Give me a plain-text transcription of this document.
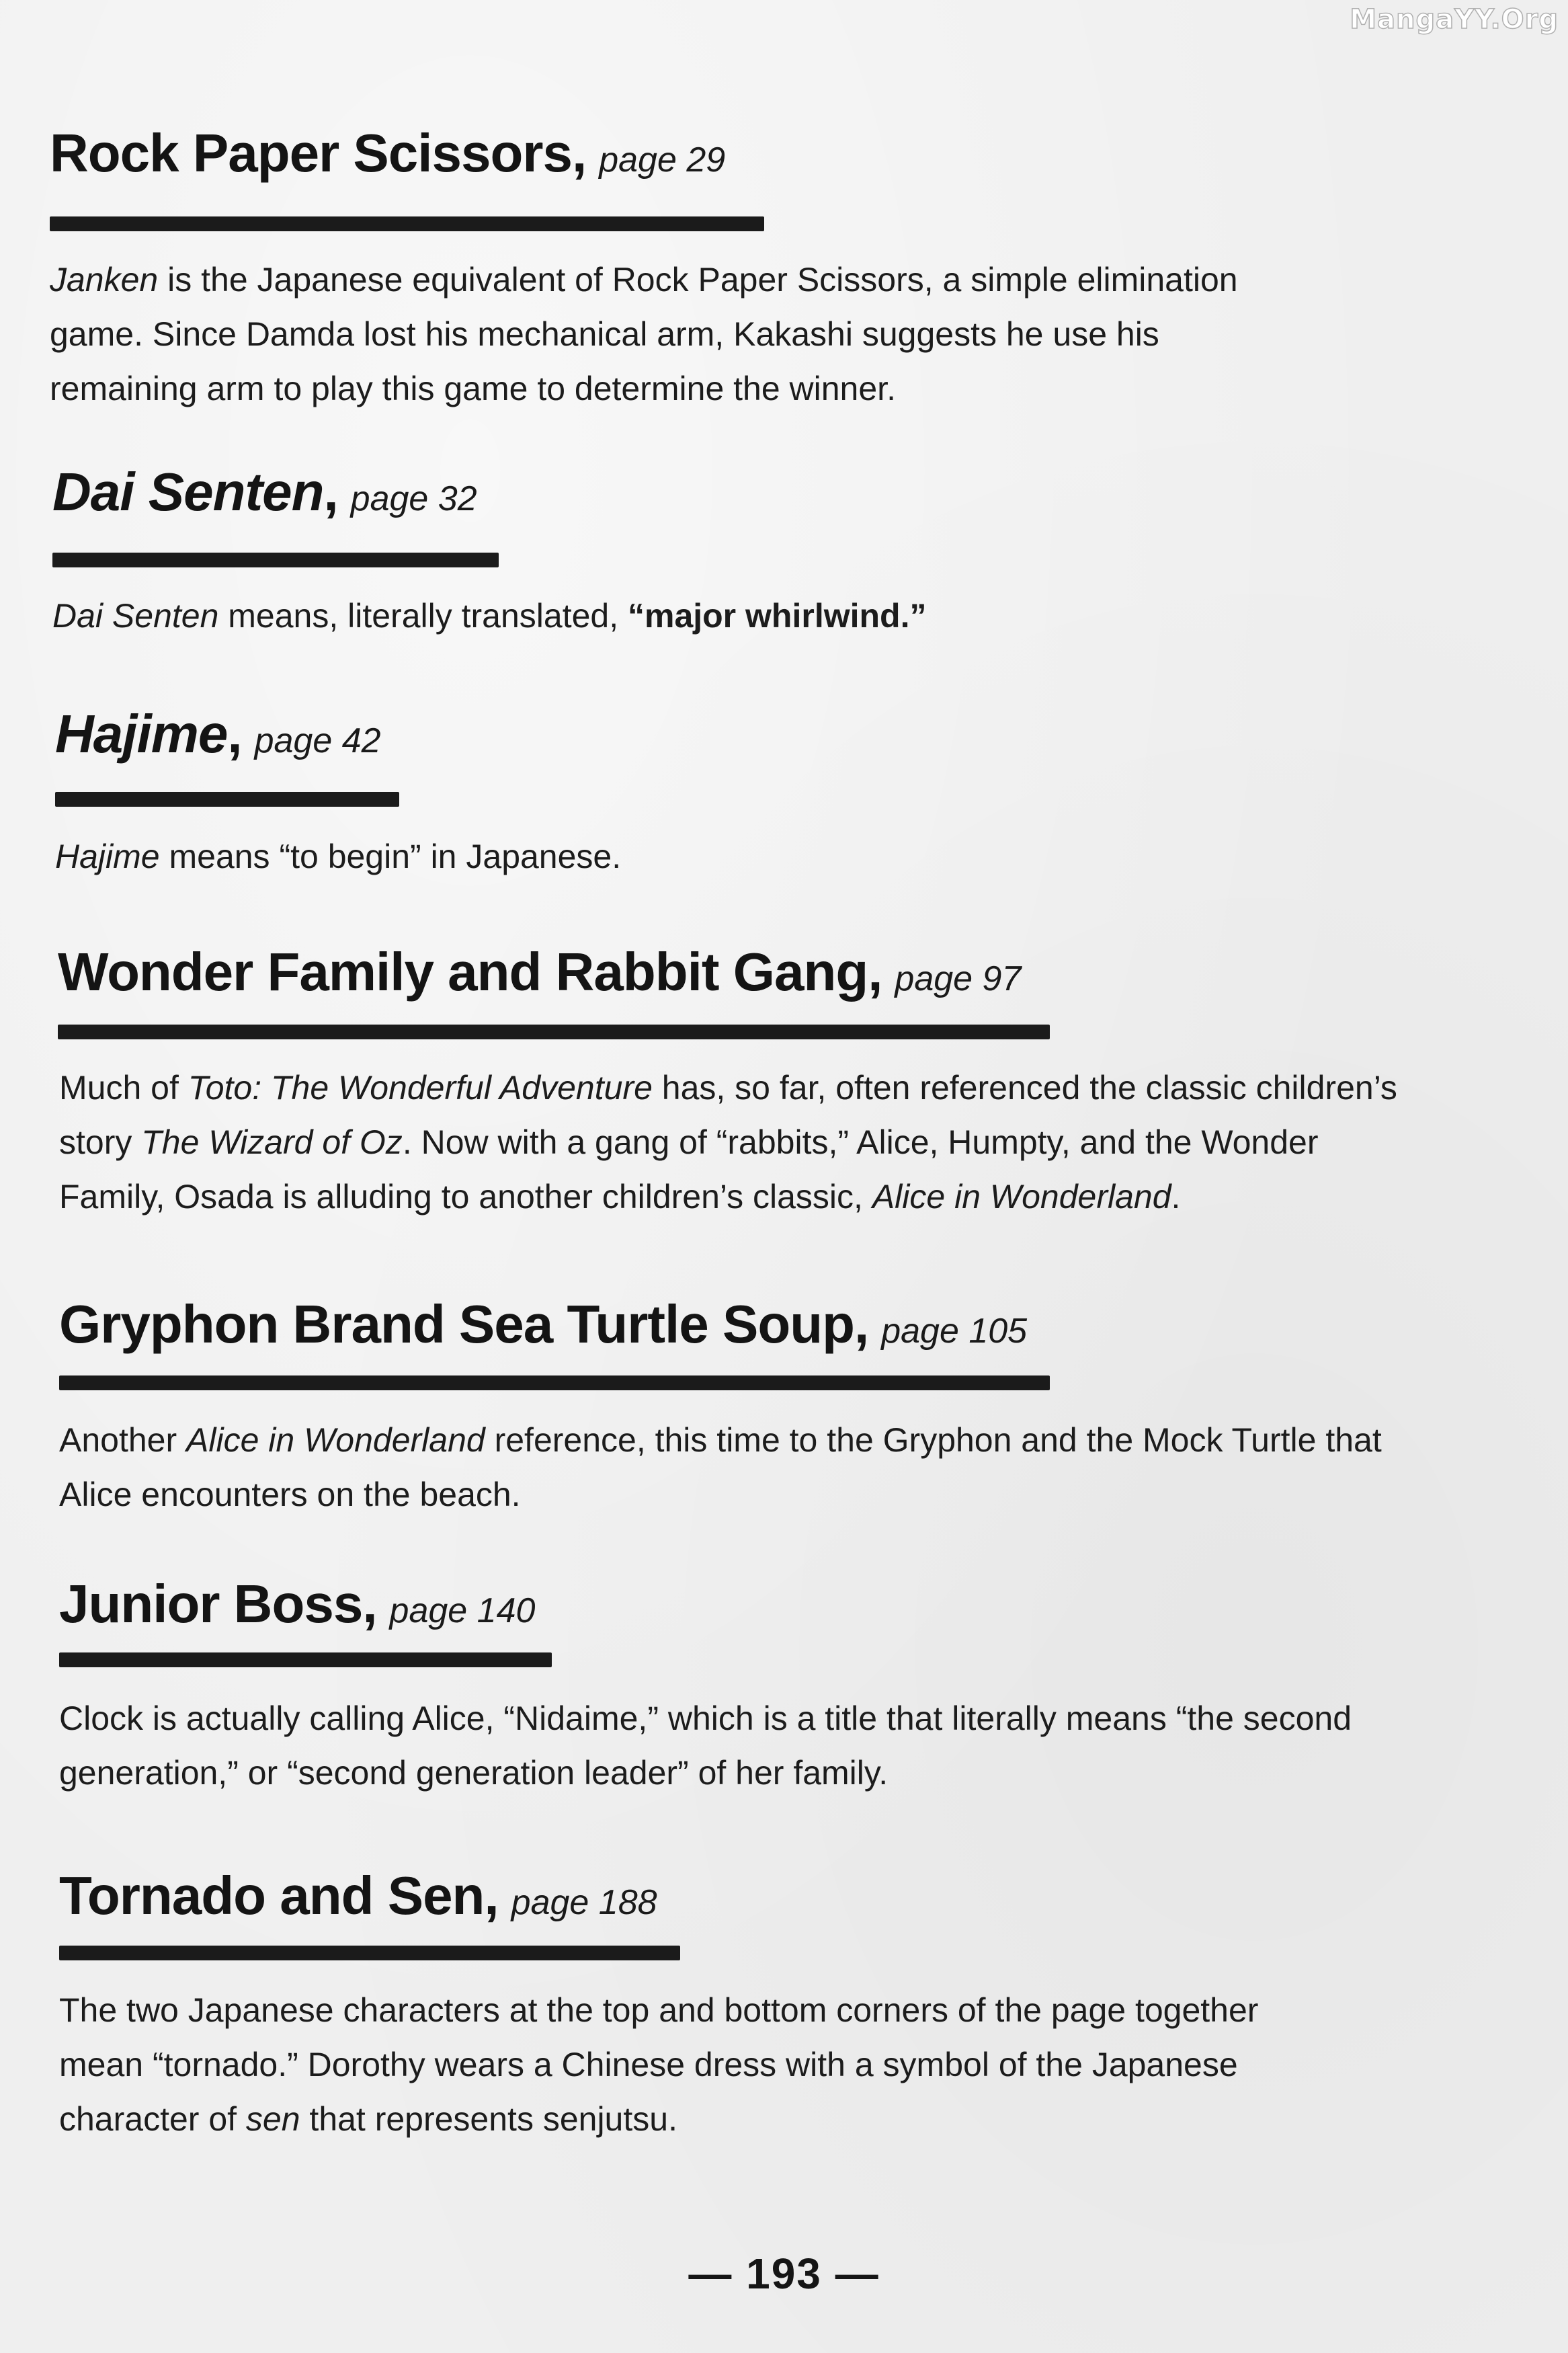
MangaYY.Org
Rock Paper Scissors, page 29
Janken is the Japanese equivalent of Rock Paper Scissors, a simple elimination
game. Since Damda lost his mechanical arm, Kakashi suggests he use his
remaining arm to play this game to determine the winner.
Dai Senten, page 32
Dai Senten means, literally translated, “major whirlwind.”
Hajime, page 42
Hajime means “to begin” in Japanese.
Wonder Family and Rabbit Gang, page 97
Much of Toto: The Wonderful Adventure has, so far, often referenced the classic children’s
story The Wizard of Oz. Now with a gang of “rabbits,” Alice, Humpty, and the Wonder
Family, Osada is alluding to another children’s classic, Alice in Wonderland.
Gryphon Brand Sea Turtle Soup, page 105
Another Alice in Wonderland reference, this time to the Gryphon and the Mock Turtle that
Alice encounters on the beach.
Junior Boss, page 140
Clock is actually calling Alice, “Nidaime,” which is a title that literally means “the second
generation,” or “second generation leader” of her family.
Tornado and Sen, page 188
The two Japanese characters at the top and bottom corners of the page together
mean “tornado.” Dorothy wears a Chinese dress with a symbol of the Japanese
character of sen that represents senjutsu.
— 193 —
